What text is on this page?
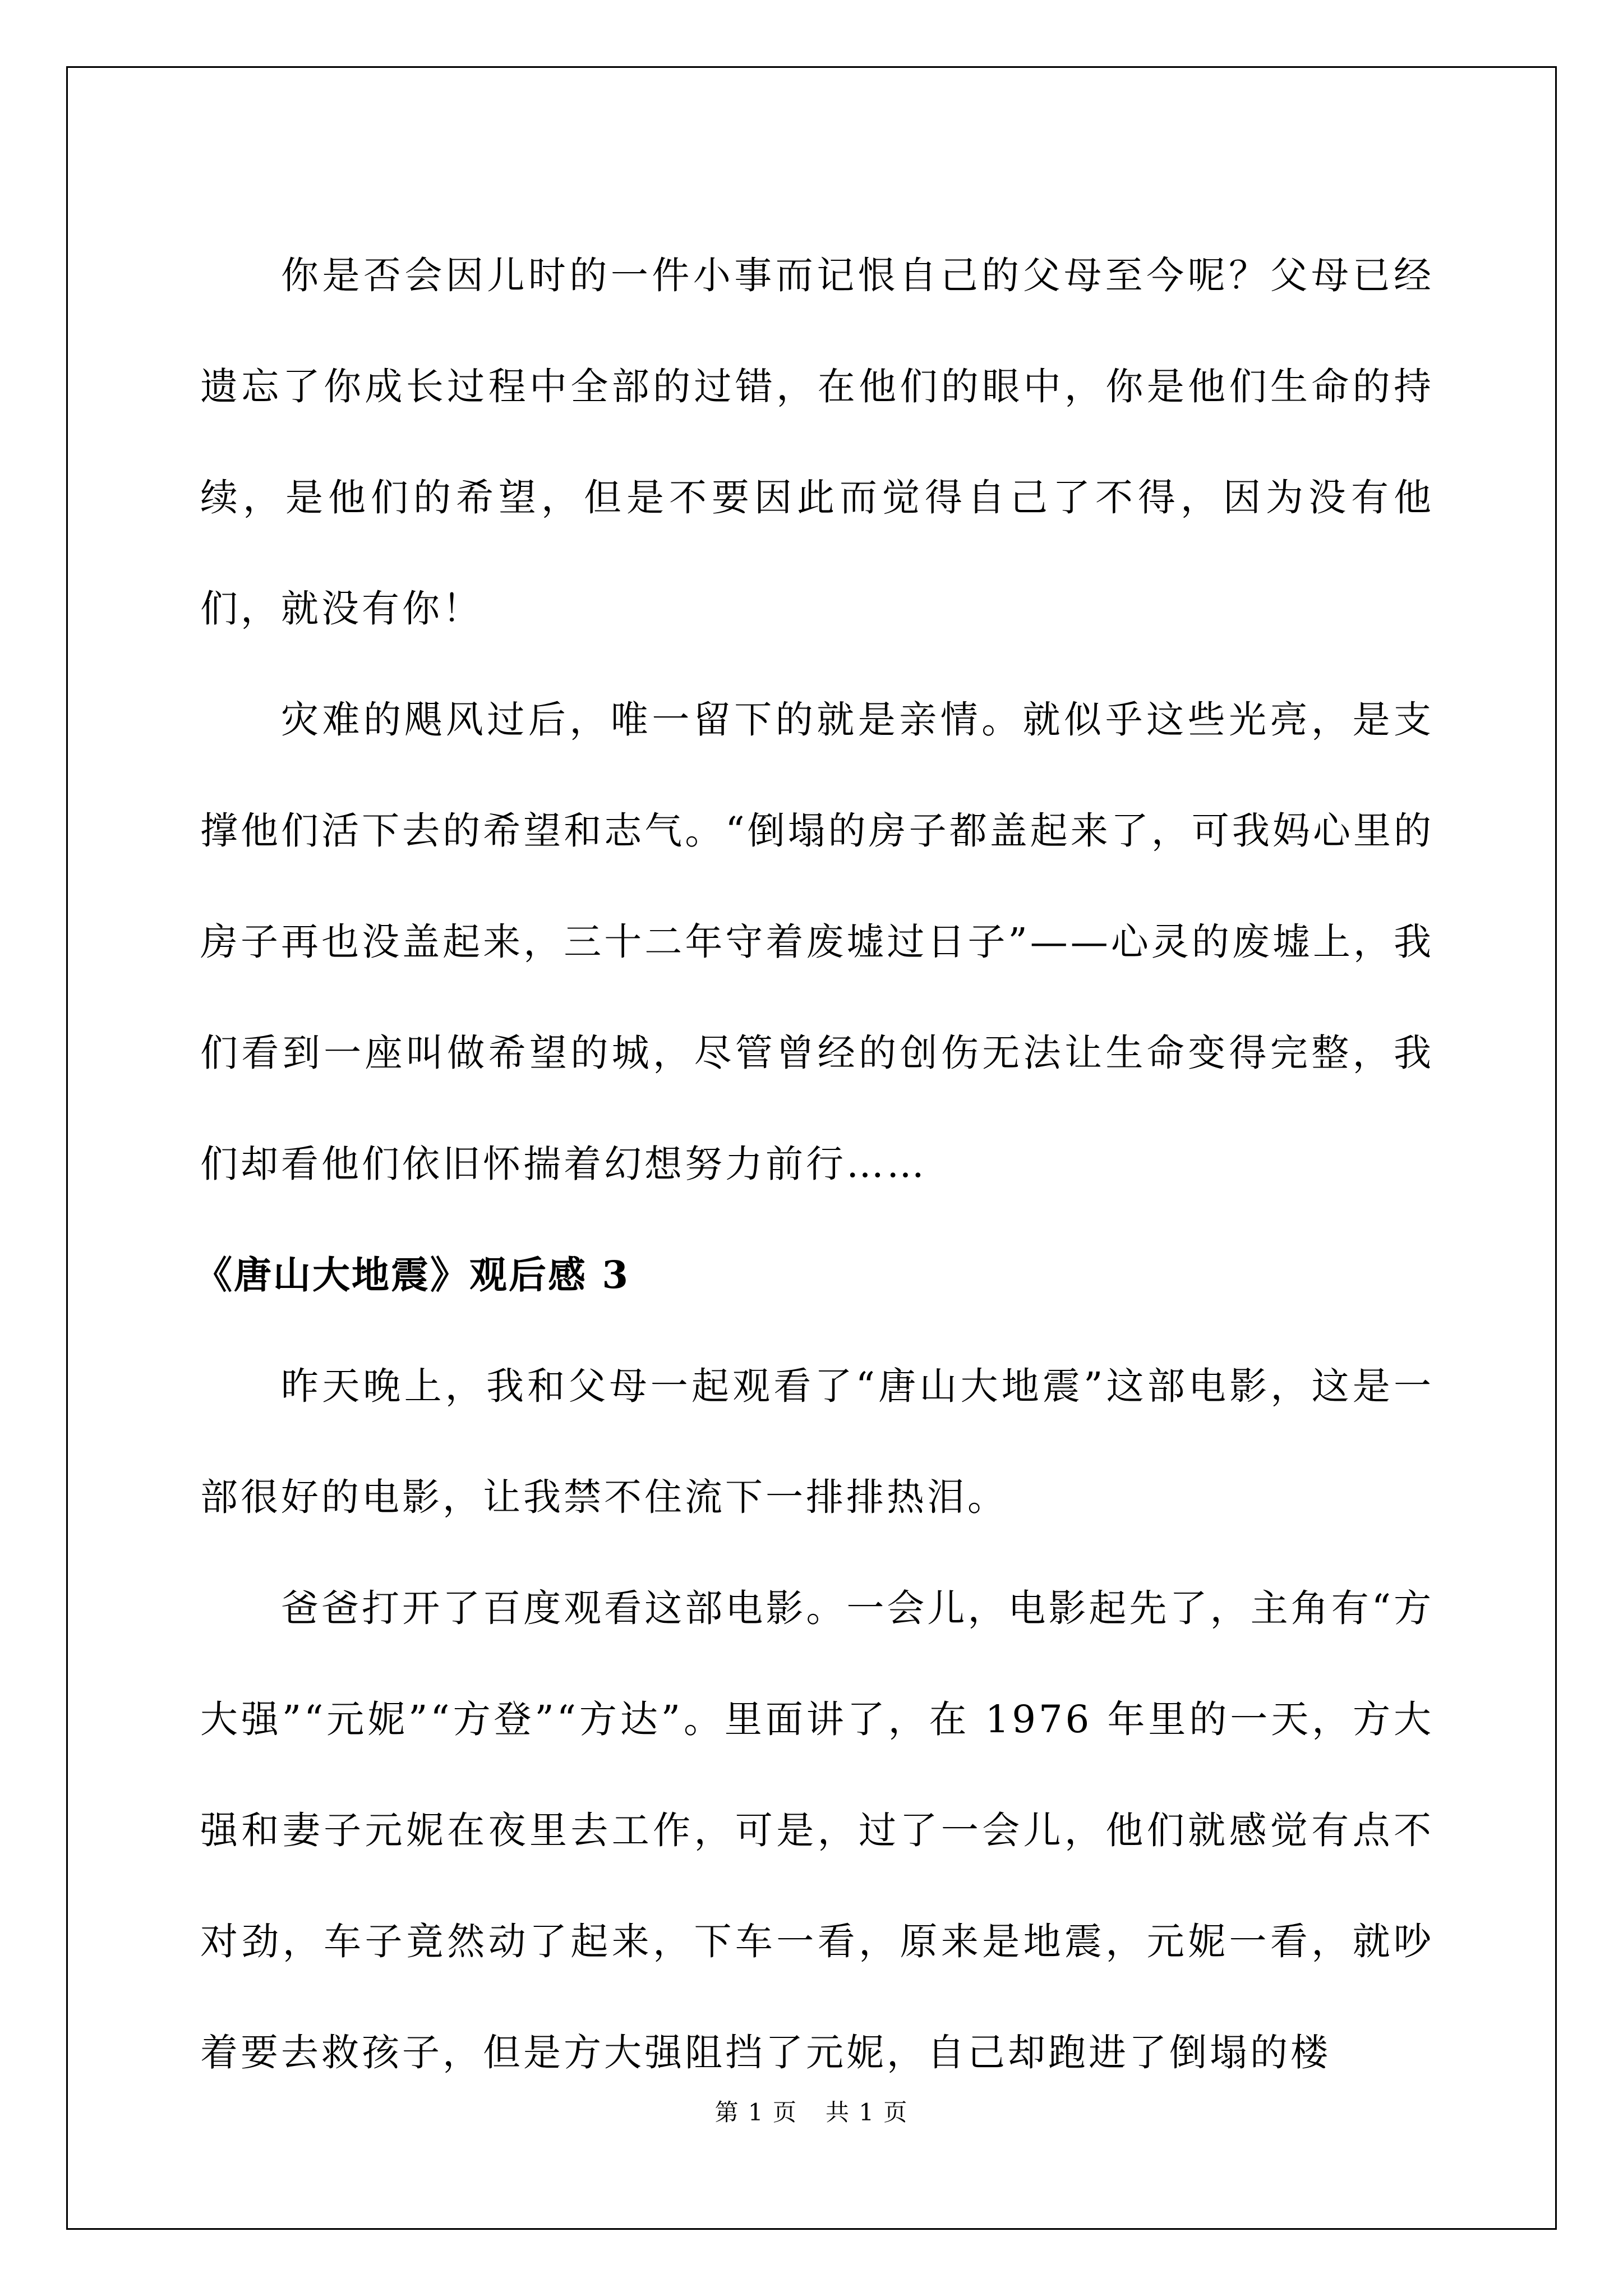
你是否会因儿时的一件小事而记恨自己的父母至今呢？父母已经遗忘了你成长过程中全部的过错，在他们的眼中，你是他们生命的持续，是他们的希望，但是不要因此而觉得自己了不得，因为没有他们，就没有你！

灾难的飓风过后，唯一留下的就是亲情。就似乎这些光亮，是支撑他们活下去的希望和志气。“倒塌的房子都盖起来了，可我妈心里的房子再也没盖起来，三十二年守着废墟过日子”——心灵的废墟上，我们看到一座叫做希望的城，尽管曾经的创伤无法让生命变得完整，我们却看他们依旧怀揣着幻想努力前行……

《唐山大地震》观后感 3

昨天晚上，我和父母一起观看了“唐山大地震”这部电影，这是一部很好的电影，让我禁不住流下一排排热泪。

爸爸打开了百度观看这部电影。一会儿，电影起先了，主角有“方大强”“元妮”“方登”“方达”。里面讲了，在 1976 年里的一天，方大强和妻子元妮在夜里去工作，可是，过了一会儿，他们就感觉有点不对劲，车子竟然动了起来，下车一看，原来是地震，元妮一看，就吵着要去救孩子，但是方大强阻挡了元妮，自己却跑进了倒塌的楼

第 1 页 共 1 页
